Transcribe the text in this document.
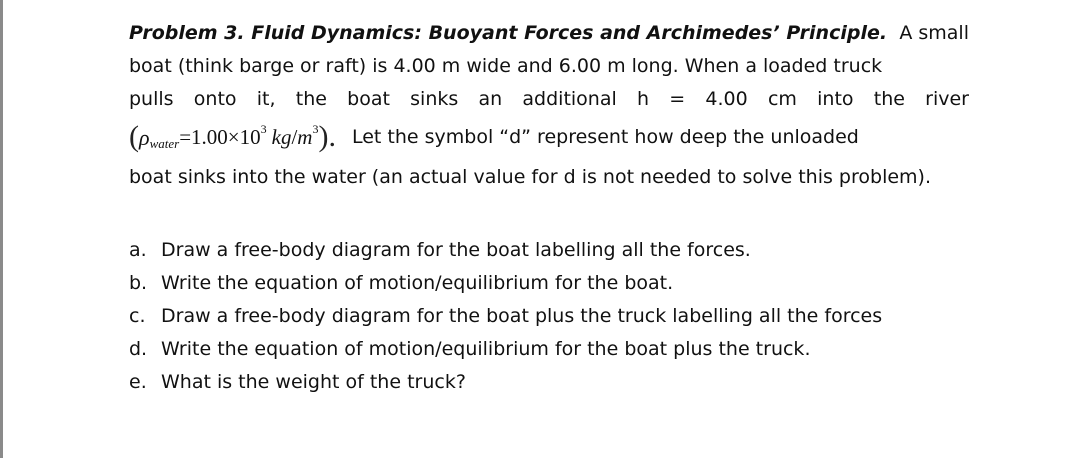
Problem 3. Fluid Dynamics: Buoyant Forces and Archimedes’ Principle. A small
boat (think barge or raft) is 4.00 m wide and 6.00 m long. When a loaded truck
pulls onto it, the boat sinks an additional h = 4.00 cm into the river
( ρ water =1.00×10 3 kg / m 3 ). Let the symbol “d” represent how deep the unloaded
boat sinks into the water (an actual value for d is not needed to solve this problem).
a. Draw a free-body diagram for the boat labelling all the forces.
b. Write the equation of motion/equilibrium for the boat.
c. Draw a free-body diagram for the boat plus the truck labelling all the forces
d. Write the equation of motion/equilibrium for the boat plus the truck.
e. What is the weight of the truck?
